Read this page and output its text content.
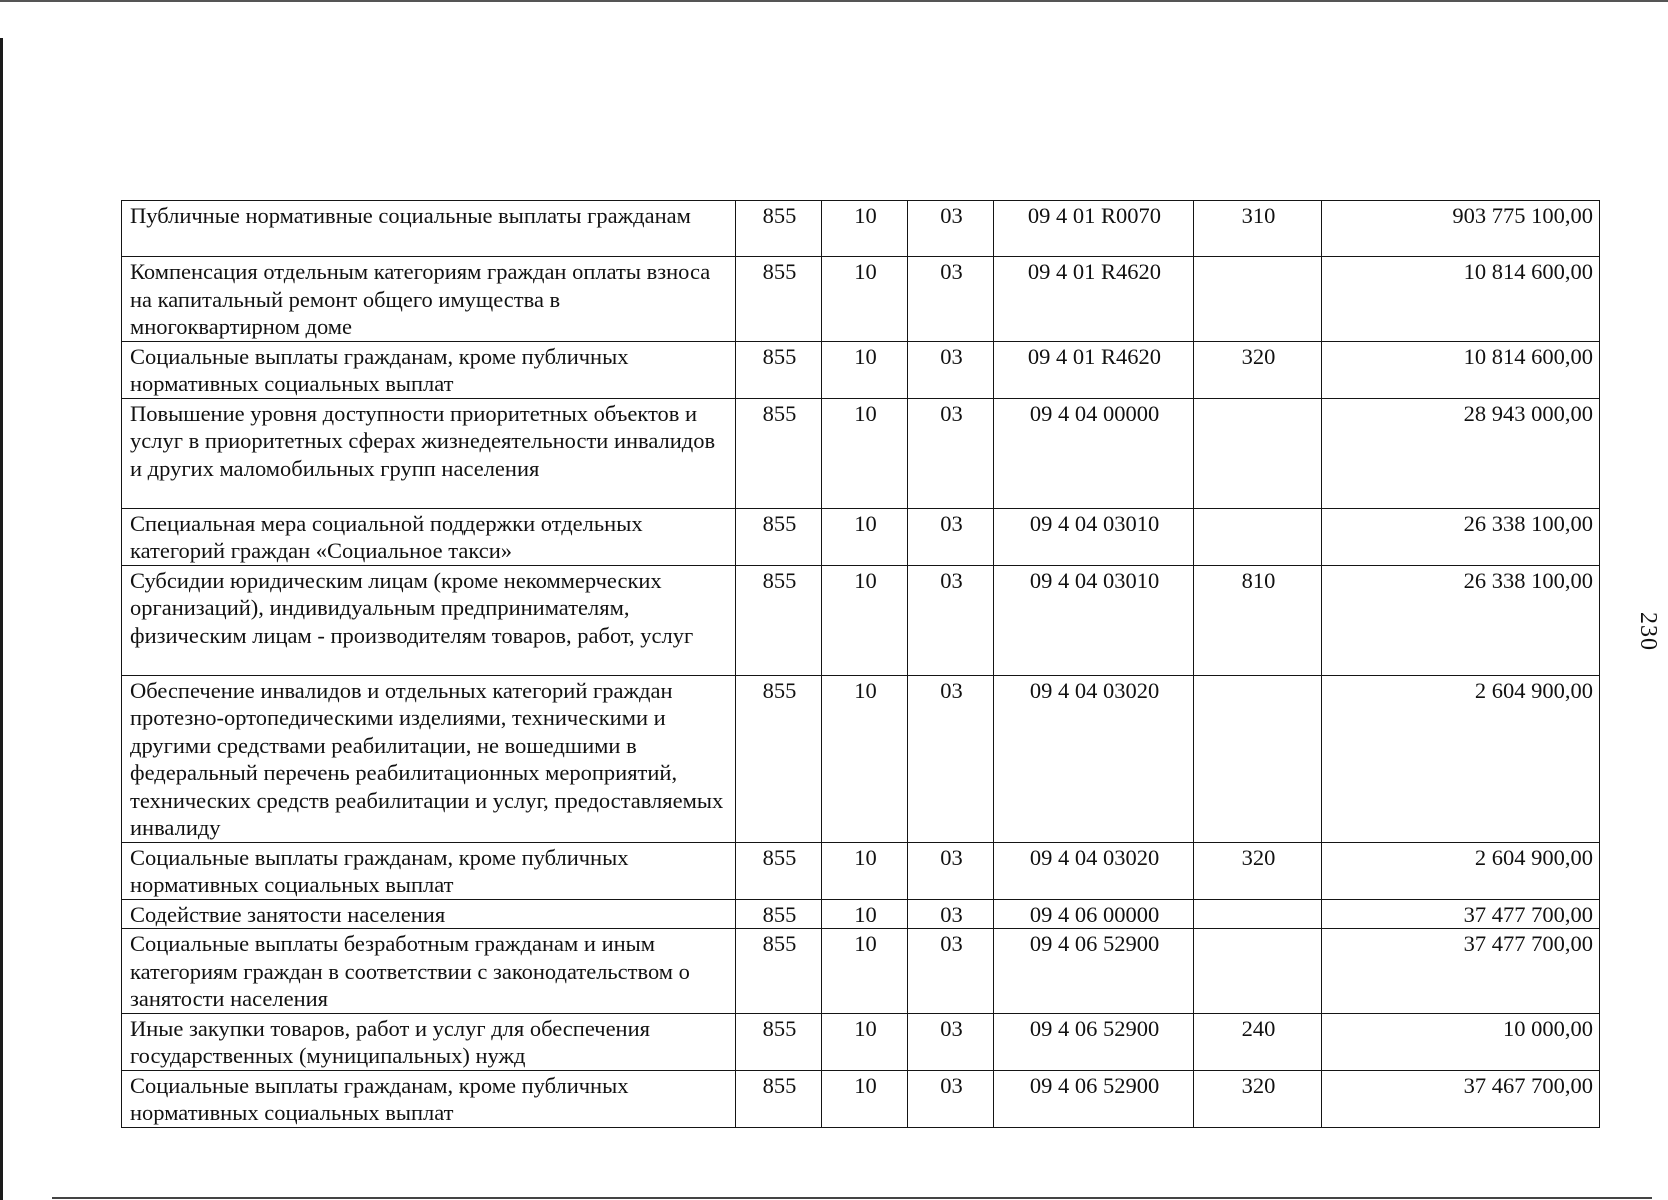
Публичные нормативные социальные выплаты гражданам	855	10	03	09 4 01 R0070	310	903 775 100,00
Компенсация отдельным категориям граждан оплаты взноса на капитальный ремонт общего имущества в многоквартирном доме	855	10	03	09 4 01 R4620		10 814 600,00
Социальные выплаты гражданам, кроме публичных нормативных социальных выплат	855	10	03	09 4 01 R4620	320	10 814 600,00
Повышение уровня доступности приоритетных объектов и услуг в приоритетных сферах жизнедеятельности инвалидов и других маломобильных групп населения	855	10	03	09 4 04 00000		28 943 000,00
Специальная мера социальной поддержки отдельных категорий граждан «Социальное такси»	855	10	03	09 4 04 03010		26 338 100,00
Субсидии юридическим лицам (кроме некоммерческих организаций), индивидуальным предпринимателям, физическим лицам - производителям товаров, работ, услуг	855	10	03	09 4 04 03010	810	26 338 100,00
Обеспечение инвалидов и отдельных категорий граждан протезно-ортопедическими изделиями, техническими и другими средствами реабилитации, не вошедшими в федеральный перечень реабилитационных мероприятий, технических средств реабилитации и услуг, предоставляемых инвалиду	855	10	03	09 4 04 03020		2 604 900,00
Социальные выплаты гражданам, кроме публичных нормативных социальных выплат	855	10	03	09 4 04 03020	320	2 604 900,00
Содействие занятости населения	855	10	03	09 4 06 00000		37 477 700,00
Социальные выплаты безработным гражданам и иным категориям граждан в соответствии с законодательством о занятости населения	855	10	03	09 4 06 52900		37 477 700,00
Иные закупки товаров, работ и услуг для обеспечения государственных (муниципальных) нужд	855	10	03	09 4 06 52900	240	10 000,00
Социальные выплаты гражданам, кроме публичных нормативных социальных выплат	855	10	03	09 4 06 52900	320	37 467 700,00
230
